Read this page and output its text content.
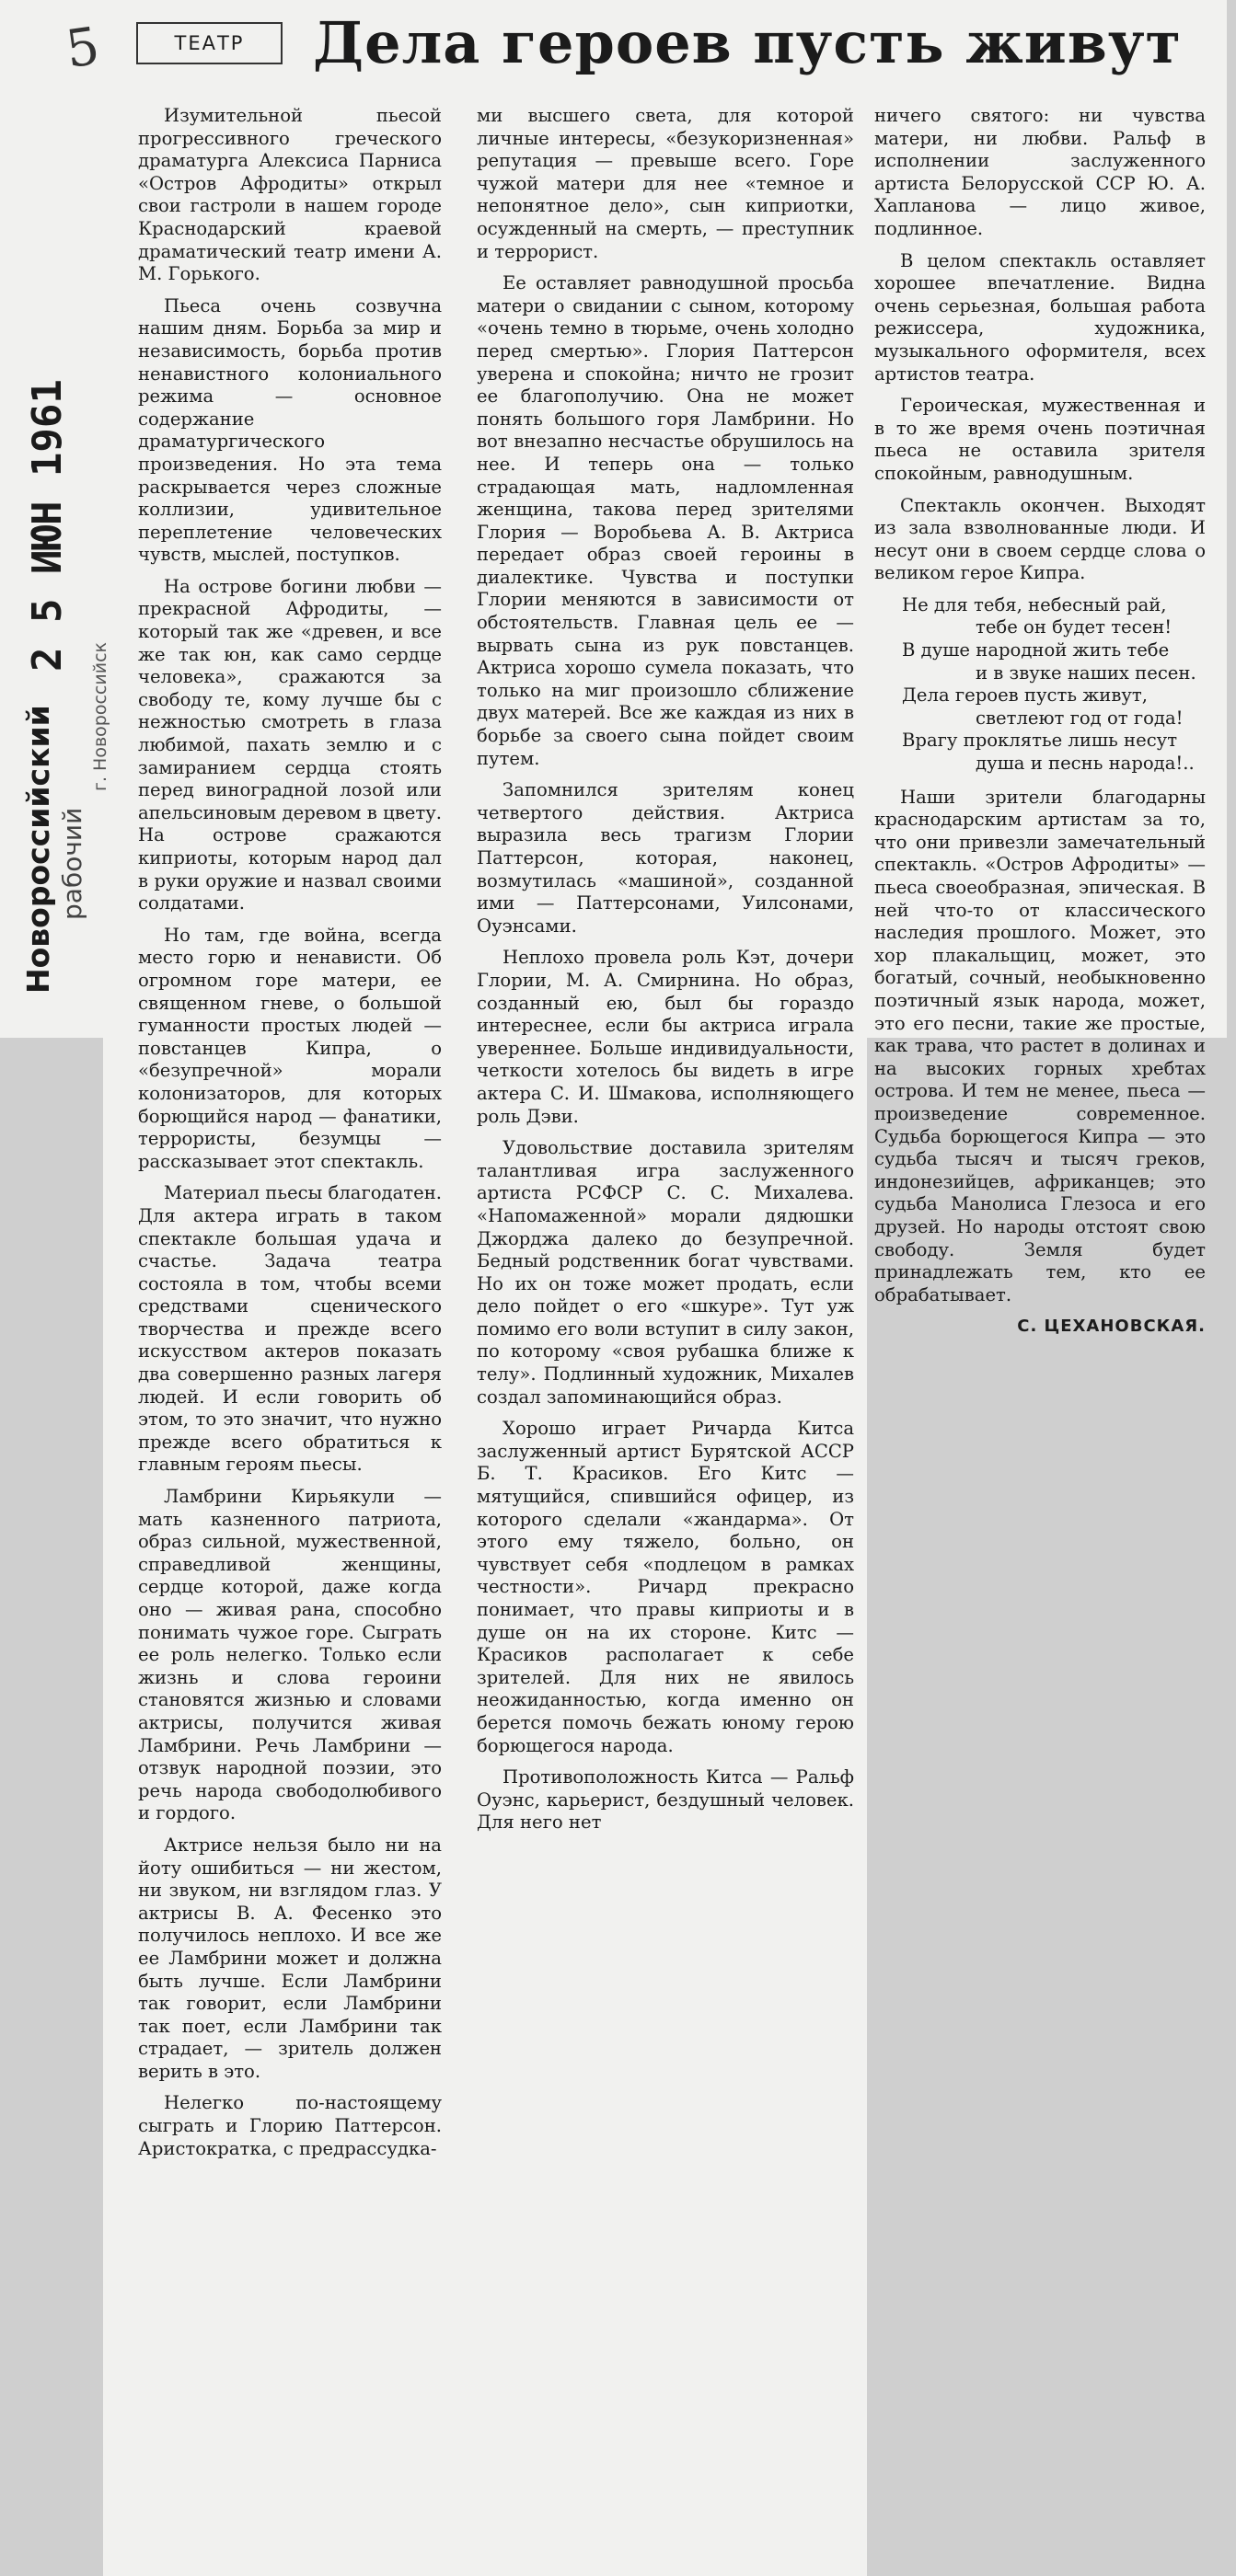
ТЕАТР	Дела героев пусть живут
5
2 5 ИЮН 1961
Новороссийский рабочий
г. Новороссийск

Изумительной пьесой прогрессивного греческого драматурга Алексиса Парниса «Остров Афродиты» открыл свои гастроли в нашем городе Краснодарский краевой драматический театр имени А. М. Горького.

Пьеса очень созвучна нашим дням. Борьба за мир и независимость, борьба против ненавистного колониального режима — основное содержание драматургического произведения. Но эта тема раскрывается через сложные коллизии, удивительное переплетение человеческих чувств, мыслей, поступков.

На острове богини любви — прекрасной Афродиты, — который так же «древен, и все же так юн, как само сердце человека», сражаются за свободу те, кому лучше бы с нежностью смотреть в глаза любимой, пахать землю и с замиранием сердца стоять перед виноградной лозой или апельсиновым деревом в цвету. На острове сражаются киприоты, которым народ дал в руки оружие и назвал своими солдатами.

Но там, где война, всегда место горю и ненависти. Об огромном горе матери, ее священном гневе, о большой гуманности простых людей — повстанцев Кипра, о «безупречной» морали колонизаторов, для которых борющийся народ — фанатики, террористы, безумцы — рассказывает этот спектакль.

Материал пьесы благодатен. Для актера играть в таком спектакле большая удача и счастье. Задача театра состояла в том, чтобы всеми средствами сценического творчества и прежде всего искусством актеров показать два совершенно разных лагеря людей. И если говорить об этом, то это значит, что нужно прежде всего обратиться к главным героям пьесы.

Ламбрини Кирьякули — мать казненного патриота, образ сильной, мужественной, справедливой женщины, сердце которой, даже когда оно — живая рана, способно понимать чужое горе. Сыграть ее роль нелегко. Только если жизнь и слова героини становятся жизнью и словами актрисы, получится живая Ламбрини. Речь Ламбрини — отзвук народной поэзии, это речь народа свободолюбивого и гордого.

Актрисе нельзя было ни на йоту ошибиться — ни жестом, ни звуком, ни взглядом глаз. У актрисы В. А. Фесенко это получилось неплохо. И все же ее Ламбрини может и должна быть лучше. Если Ламбрини так говорит, если Ламбрини так поет, если Ламбрини так страдает, — зритель должен верить в это.

Нелегко по-настоящему сыграть и Глорию Паттерсон. Аристократка, с предрассудка-

ми высшего света, для которой личные интересы, «безукоризненная» репутация — превыше всего. Горе чужой матери для нее «темное и непонятное дело», сын киприотки, осужденный на смерть, — преступник и террорист.

Ее оставляет равнодушной просьба матери о свидании с сыном, которому «очень темно в тюрьме, очень холодно перед смертью». Глория Паттерсон уверена и спокойна; ничто не грозит ее благополучию. Она не может понять большого горя Ламбрини. Но вот внезапно несчастье обрушилось на нее. И теперь она — только страдающая мать, надломленная женщина, такова перед зрителями Глория — Воробьева А. В. Актриса передает образ своей героины в диалектике. Чувства и поступки Глории меняются в зависимости от обстоятельств. Главная цель ее — вырвать сына из рук повстанцев. Актриса хорошо сумела показать, что только на миг произошло сближение двух матерей. Все же каждая из них в борьбе за своего сына пойдет своим путем.

Запомнился зрителям конец четвертого действия. Актриса выразила весь трагизм Глории Паттерсон, которая, наконец, возмутилась «машиной», созданной ими — Паттерсонами, Уилсонами, Оуэнсами.

Неплохо провела роль Кэт, дочери Глории, М. А. Смирнина. Но образ, созданный ею, был бы гораздо интереснее, если бы актриса играла увереннее. Больше индивидуальности, четкости хотелось бы видеть в игре актера С. И. Шмакова, исполняющего роль Дэви.

Удовольствие доставила зрителям талантливая игра заслуженного артиста РСФСР С. С. Михалева. «Напомаженной» морали дядюшки Джорджа далеко до безупречной. Бедный родственник богат чувствами. Но их он тоже может продать, если дело пойдет о его «шкуре». Тут уж помимо его воли вступит в силу закон, по которому «своя рубашка ближе к телу». Подлинный художник, Михалев создал запоминающийся образ.

Хорошо играет Ричарда Китса заслуженный артист Бурятской АССР Б. Т. Красиков. Его Китс — мятущийся, спившийся офицер, из которого сделали «жандарма». От этого ему тяжело, больно, он чувствует себя «подлецом в рамках честности». Ричард прекрасно понимает, что правы киприоты и в душе он на их стороне. Китс — Красиков располагает к себе зрителей. Для них не явилось неожиданностью, когда именно он берется помочь бежать юному герою борющегося народа.

Противоположность Китса — Ральф Оуэнс, карьерист, бездушный человек. Для него нет

ничего святого: ни чувства матери, ни любви. Ральф в исполнении заслуженного артиста Белорусской ССР Ю. А. Хапланова — лицо живое, подлинное.

В целом спектакль оставляет хорошее впечатление. Видна очень серьезная, большая работа режиссера, художника, музыкального оформителя, всех артистов театра.

Героическая, мужественная и в то же время очень поэтичная пьеса не оставила зрителя спокойным, равнодушным.

Спектакль окончен. Выходят из зала взволнованные люди. И несут они в своем сердце слова о великом герое Кипра.

Не для тебя, небесный рай,
тебе он будет тесен!
В душе народной жить тебе
и в звуке наших песен.
Дела героев пусть живут,
светлеют год от года!
Врагу проклятье лишь несут
душа и песнь народа!..

Наши зрители благодарны краснодарским артистам за то, что они привезли замечательный спектакль. «Остров Афродиты» — пьеса своеобразная, эпическая. В ней что-то от классического наследия прошлого. Может, это хор плакальщиц, может, это богатый, сочный, необыкновенно поэтичный язык народа, может, это его песни, такие же простые, как трава, что растет в долинах и на высоких горных хребтах острова. И тем не менее, пьеса — произведение современное. Судьба борющегося Кипра — это судьба тысяч и тысяч греков, индонезийцев, африканцев; это судьба Манолиса Глезоса и его друзей. Но народы отстоят свою свободу. Земля будет принадлежать тем, кто ее обрабатывает.

С. ЦЕХАНОВСКАЯ.
